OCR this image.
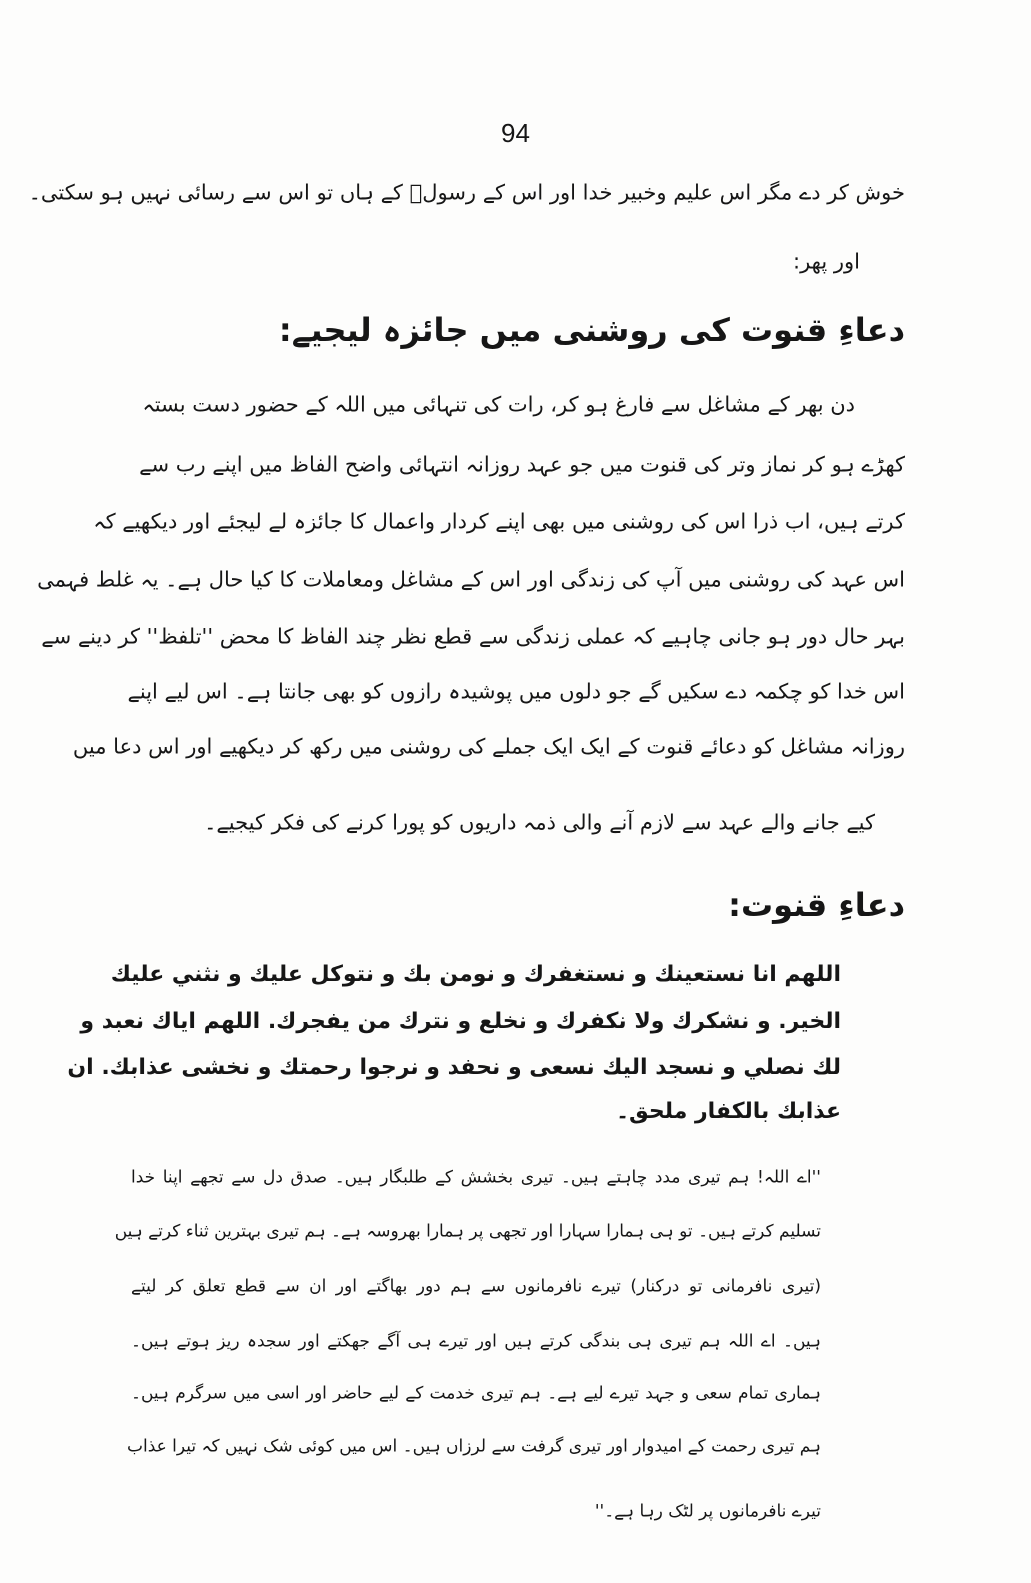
94
خوش کر دے مگر اس علیم وخبیر خدا اور اس کے رسولؐ کے ہاں تو اس سے رسائی نہیں ہو سکتی۔
اور پھر:
دعاءِ قنوت کی روشنی میں جائزہ لیجیے:
دن بھر کے مشاغل سے فارغ ہو کر، رات کی تنہائی میں اللہ کے حضور دست بستہ
کھڑے ہو کر نماز وتر کی قنوت میں جو عہد روزانہ انتہائی واضح الفاظ میں اپنے رب سے
کرتے ہیں، اب ذرا اس کی روشنی میں بھی اپنے کردار واعمال کا جائزہ لے لیجئے اور دیکھیے کہ
اس عہد کی روشنی میں آپ کی زندگی اور اس کے مشاغل ومعاملات کا کیا حال ہے۔ یہ غلط فہمی
بہر حال دور ہو جانی چاہیے کہ عملی زندگی سے قطع نظر چند الفاظ کا محض ''تلفظ'' کر دینے سے
اس خدا کو چکمہ دے سکیں گے جو دلوں میں پوشیدہ رازوں کو بھی جانتا ہے۔ اس لیے اپنے
روزانہ مشاغل کو دعائے قنوت کے ایک ایک جملے کی روشنی میں رکھ کر دیکھیے اور اس دعا میں
کیے جانے والے عہد سے لازم آنے والی ذمہ داریوں کو پورا کرنے کی فکر کیجیے۔
دعاءِ قنوت:
اللهم انا نستعينك و نستغفرك و نومن بك و نتوكل عليك و نثني عليك
الخير. و نشكرك ولا نكفرك و نخلع و نترك من يفجرك. اللهم اياك نعبد و
لك نصلي و نسجد اليك نسعى و نحفد و نرجوا رحمتك و نخشى عذابك. ان
عذابك بالكفار ملحق۔
''اے اللہ! ہم تیری مدد چاہتے ہیں۔ تیری بخشش کے طلبگار ہیں۔ صدق دل سے تجھے اپنا خدا
تسلیم کرتے ہیں۔ تو ہی ہمارا سہارا اور تجھی پر ہمارا بھروسہ ہے۔ ہم تیری بہترین ثناء کرتے ہیں
(تیری نافرمانی تو درکنار) تیرے نافرمانوں سے ہم دور بھاگتے اور ان سے قطع تعلق کر لیتے
ہیں۔ اے اللہ ہم تیری ہی بندگی کرتے ہیں اور تیرے ہی آگے جھکتے اور سجدہ ریز ہوتے ہیں۔
ہماری تمام سعی و جہد تیرے لیے ہے۔ ہم تیری خدمت کے لیے حاضر اور اسی میں سرگرم ہیں۔
ہم تیری رحمت کے امیدوار اور تیری گرفت سے لرزاں ہیں۔ اس میں کوئی شک نہیں کہ تیرا عذاب
تیرے نافرمانوں پر لٹک رہا ہے۔''
